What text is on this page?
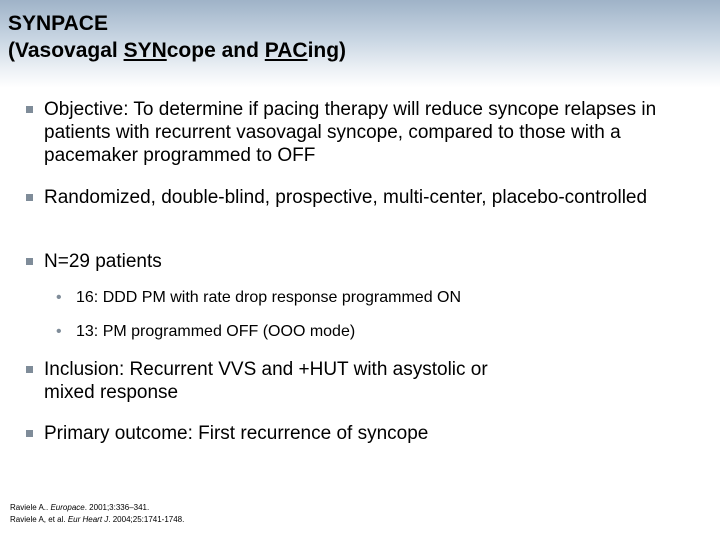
SYNPACE
(Vasovagal SYNcope and PACing)
Objective: To determine if pacing therapy will reduce syncope relapses in patients with recurrent vasovagal syncope, compared to those with a pacemaker programmed to OFF
Randomized, double-blind, prospective, multi-center, placebo-controlled
N=29 patients
• 16: DDD PM with rate drop response programmed ON
• 13: PM programmed OFF (OOO mode)
Inclusion: Recurrent VVS and +HUT with asystolic or mixed response
Primary outcome: First recurrence of syncope
Raviele A.. Europace. 2001;3:336–341.
Raviele A, et al. Eur Heart J. 2004;25:1741-1748.
